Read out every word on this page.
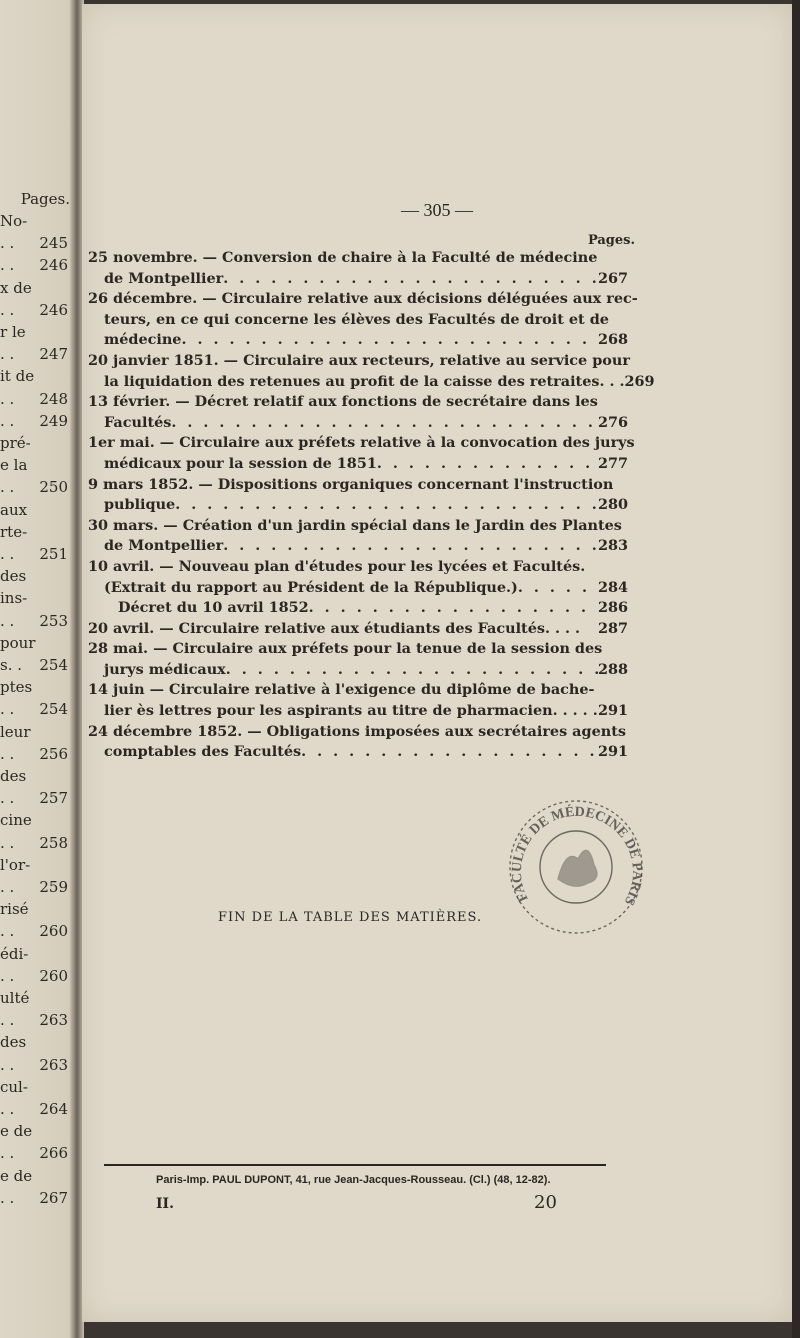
Pages.
No-
. . 245
. . 246
x de
. . 246
r le
. . 247
it de
. . 248
. . 249
pré-
e la
. . 250
aux
rte-
. . 251
des
ins-
. . 253
pour
s. . 254
ptes
. . 254
leur
. . 256
des
. . 257
cine
. . 258
l'or-
. . 259
risé
. . 260
édi-
. . 260
ulté
. . 263
des
. . 263
cul-
. . 264
e de
. . 266
e de
. . 267
— 305 —
Pages.
25 novembre. — Conversion de chaire à la Faculté de médecine
de Montpellier . . .	267
26 décembre. — Circulaire relative aux décisions déléguées aux rec-
teurs, en ce qui concerne les élèves des Facultés de droit et de
médecine . . .	268
20 janvier 1851. — Circulaire aux recteurs, relative au service pour
la liquidation des retenues au profit de la caisse des retraites. . . 269
13 février. — Décret relatif aux fonctions de secrétaire dans les
Facultés . . .	276
1er mai. — Circulaire aux préfets relative à la convocation des jurys
médicaux pour la session de 1851 . . .	277
9 mars 1852. — Dispositions organiques concernant l'instruction
publique . . .	280
30 mars. — Création d'un jardin spécial dans le Jardin des Plantes
de Montpellier . . .	283
10 avril. — Nouveau plan d'études pour les lycées et Facultés.
(Extrait du rapport au Président de la République.) . . .	284
Décret du 10 avril 1852 . . .	286
20 avril. — Circulaire relative aux étudiants des Facultés. . . . 287
28 mai. — Circulaire aux préfets pour la tenue de la session des
jurys médicaux . . .	288
14 juin — Circulaire relative à l'exigence du diplôme de bache-
lier ès lettres pour les aspirants au titre de pharmacien. . . . . 291
24 décembre 1852. — Obligations imposées aux secrétaires agents
comptables des Facultés . . .	291
FIN DE LA TABLE DES MATIÈRES.
FACULTÉ DE MÉDECINE DE PARIS
Paris-Imp. PAUL DUPONT, 41, rue Jean-Jacques-Rousseau. (Cl.) (48, 12-82).
II.	20
